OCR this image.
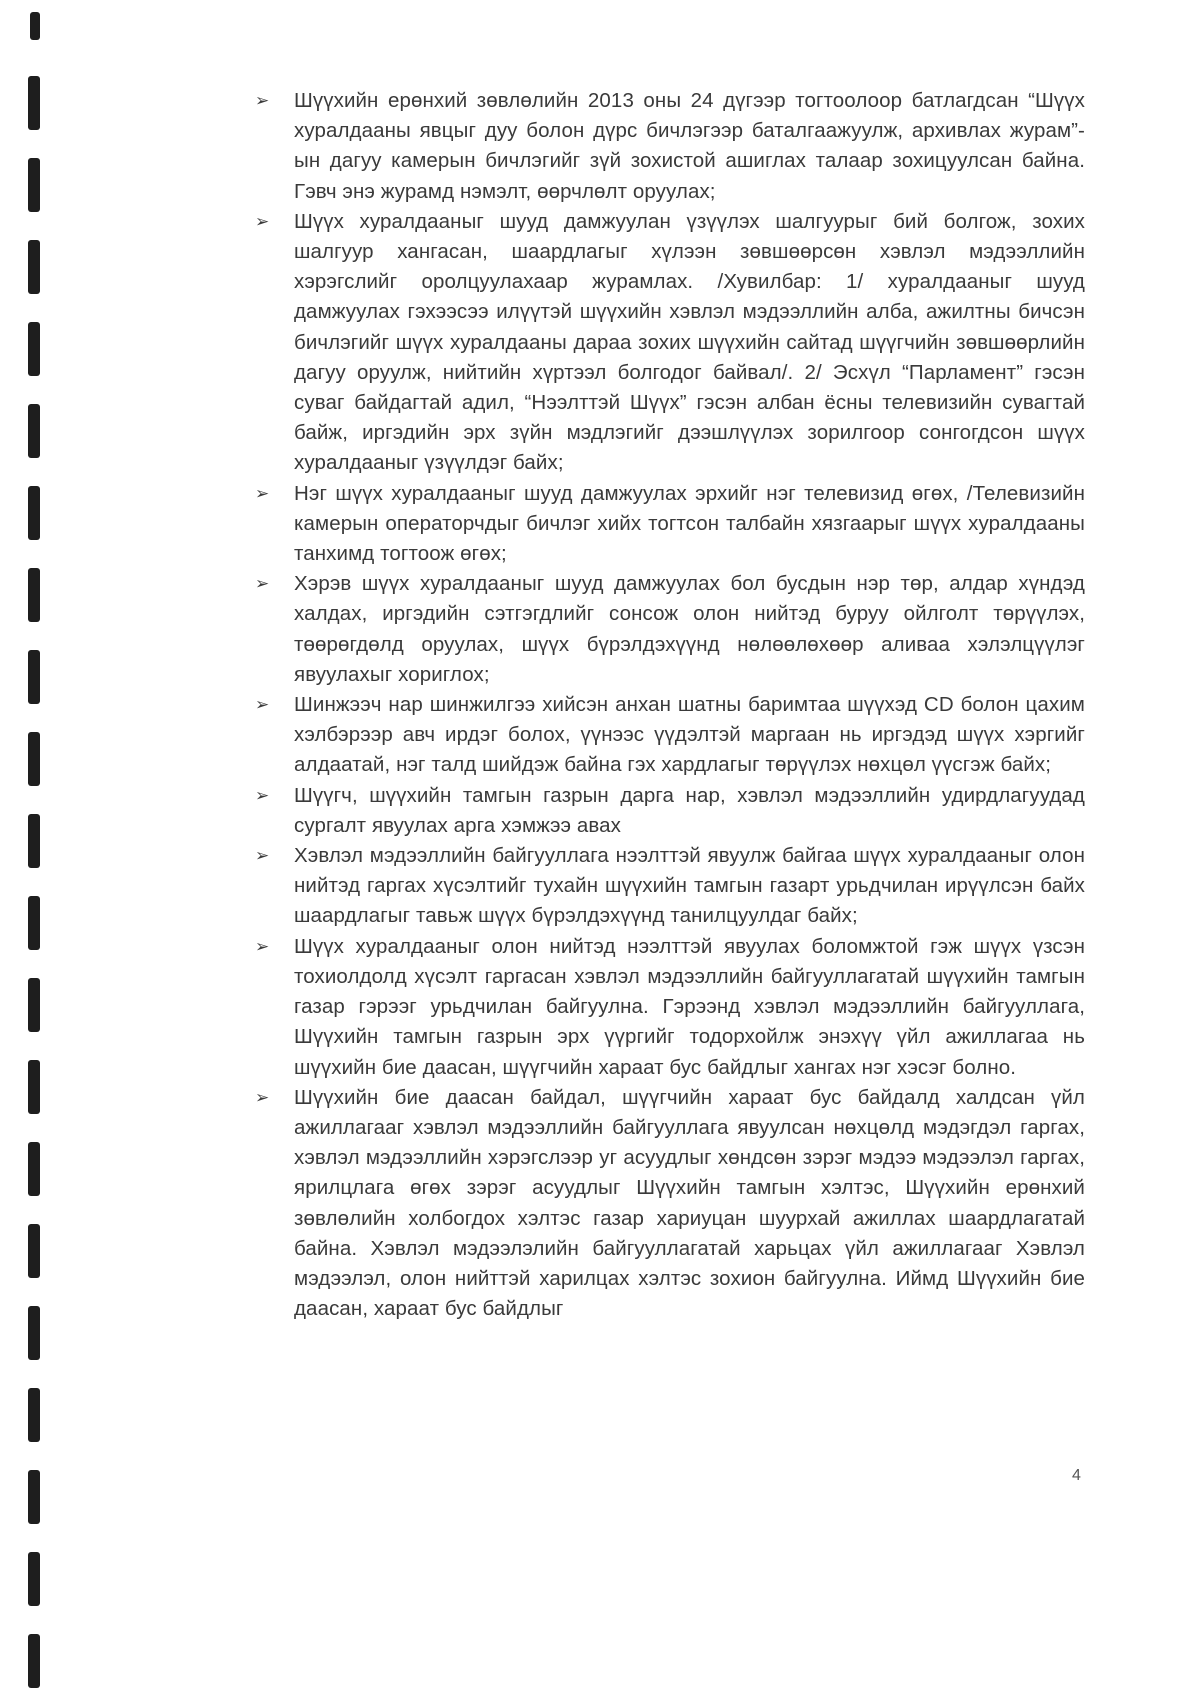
➢ Шүүхийн ерөнхий зөвлөлийн 2013 оны 24 дүгээр тогтоолоор батлагдсан “Шүүх хуралдааны явцыг дуу болон дүрс бичлэгээр баталгаажуулж, архивлах журам”-ын дагуу камерын бичлэгийг зүй зохистой ашиглах талаар зохицуулсан байна. Гэвч энэ журамд нэмэлт, өөрчлөлт оруулах;
➢ Шүүх хуралдааныг шууд дамжуулан үзүүлэх шалгуурыг бий болгож, зохих шалгуур хангасан, шаардлагыг хүлээн зөвшөөрсөн хэвлэл мэдээллийн хэрэгслийг оролцуулахаар журамлах. /Хувилбар: 1/ хуралдааныг шууд дамжуулах гэхээсээ илүүтэй шүүхийн хэвлэл мэдээллийн алба, ажилтны бичсэн бичлэгийг шүүх хуралдааны дараа зохих шүүхийн сайтад шүүгчийн зөвшөөрлийн дагуу оруулж, нийтийн хүртээл болгодог байвал/. 2/ Эсхүл “Парламент” гэсэн суваг байдагтай адил, “Нээлттэй Шүүх” гэсэн албан ёсны телевизийн сувагтай байж, иргэдийн эрх зүйн мэдлэгийг дээшлүүлэх зорилгоор сонгогдсон шүүх хуралдааныг үзүүлдэг байх;
➢ Нэг шүүх хуралдааныг шууд дамжуулах эрхийг нэг телевизид өгөх, /Телевизийн камерын операторчдыг бичлэг хийх тогтсон талбайн хязгаарыг шүүх хуралдааны танхимд тогтоож өгөх;
➢ Хэрэв шүүх хуралдааныг шууд дамжуулах бол бусдын нэр төр, алдар хүндэд халдах, иргэдийн сэтгэгдлийг сонсож олон нийтэд буруу ойлголт төрүүлэх, төөрөгдөлд оруулах, шүүх бүрэлдэхүүнд нөлөөлөхөөр аливаа хэлэлцүүлэг явуулахыг хориглох;
➢ Шинжээч нар шинжилгээ хийсэн анхан шатны баримтаа шүүхэд CD болон цахим хэлбэрээр авч ирдэг болох, үүнээс үүдэлтэй маргаан нь иргэдэд шүүх хэргийг алдаатай, нэг талд шийдэж байна гэх хардлагыг төрүүлэх нөхцөл үүсгэж байх;
➢ Шүүгч, шүүхийн тамгын газрын дарга нар, хэвлэл мэдээллийн удирдлагуудад сургалт явуулах арга хэмжээ авах
➢ Хэвлэл мэдээллийн байгууллага нээлттэй явуулж байгаа шүүх хуралдааныг олон нийтэд гаргах хүсэлтийг тухайн шүүхийн тамгын газарт урьдчилан ирүүлсэн байх шаардлагыг тавьж шүүх бүрэлдэхүүнд танилцуулдаг байх;
➢ Шүүх хуралдааныг олон нийтэд нээлттэй явуулах боломжтой гэж шүүх үзсэн тохиолдолд хүсэлт гаргасан хэвлэл мэдээллийн байгууллагатай шүүхийн тамгын газар гэрээг урьдчилан байгуулна. Гэрээнд хэвлэл мэдээллийн байгууллага, Шүүхийн тамгын газрын эрх үүргийг тодорхойлж энэхүү үйл ажиллагаа нь шүүхийн бие даасан, шүүгчийн хараат бус байдлыг хангах нэг хэсэг болно.
➢ Шүүхийн бие даасан байдал, шүүгчийн хараат бус байдалд халдсан үйл ажиллагааг хэвлэл мэдээллийн байгууллага явуулсан нөхцөлд мэдэгдэл гаргах, хэвлэл мэдээллийн хэрэгслээр уг асуудлыг хөндсөн зэрэг мэдээ мэдээлэл гаргах, ярилцлага өгөх зэрэг асуудлыг Шүүхийн тамгын хэлтэс, Шүүхийн ерөнхий зөвлөлийн холбогдох хэлтэс газар хариуцан шуурхай ажиллах шаардлагатай байна. Хэвлэл мэдээлэлийн байгууллагатай харьцах үйл ажиллагааг Хэвлэл мэдээлэл, олон нийттэй харилцах хэлтэс зохион байгуулна. Иймд Шүүхийн бие даасан, хараат бус байдлыг
4
